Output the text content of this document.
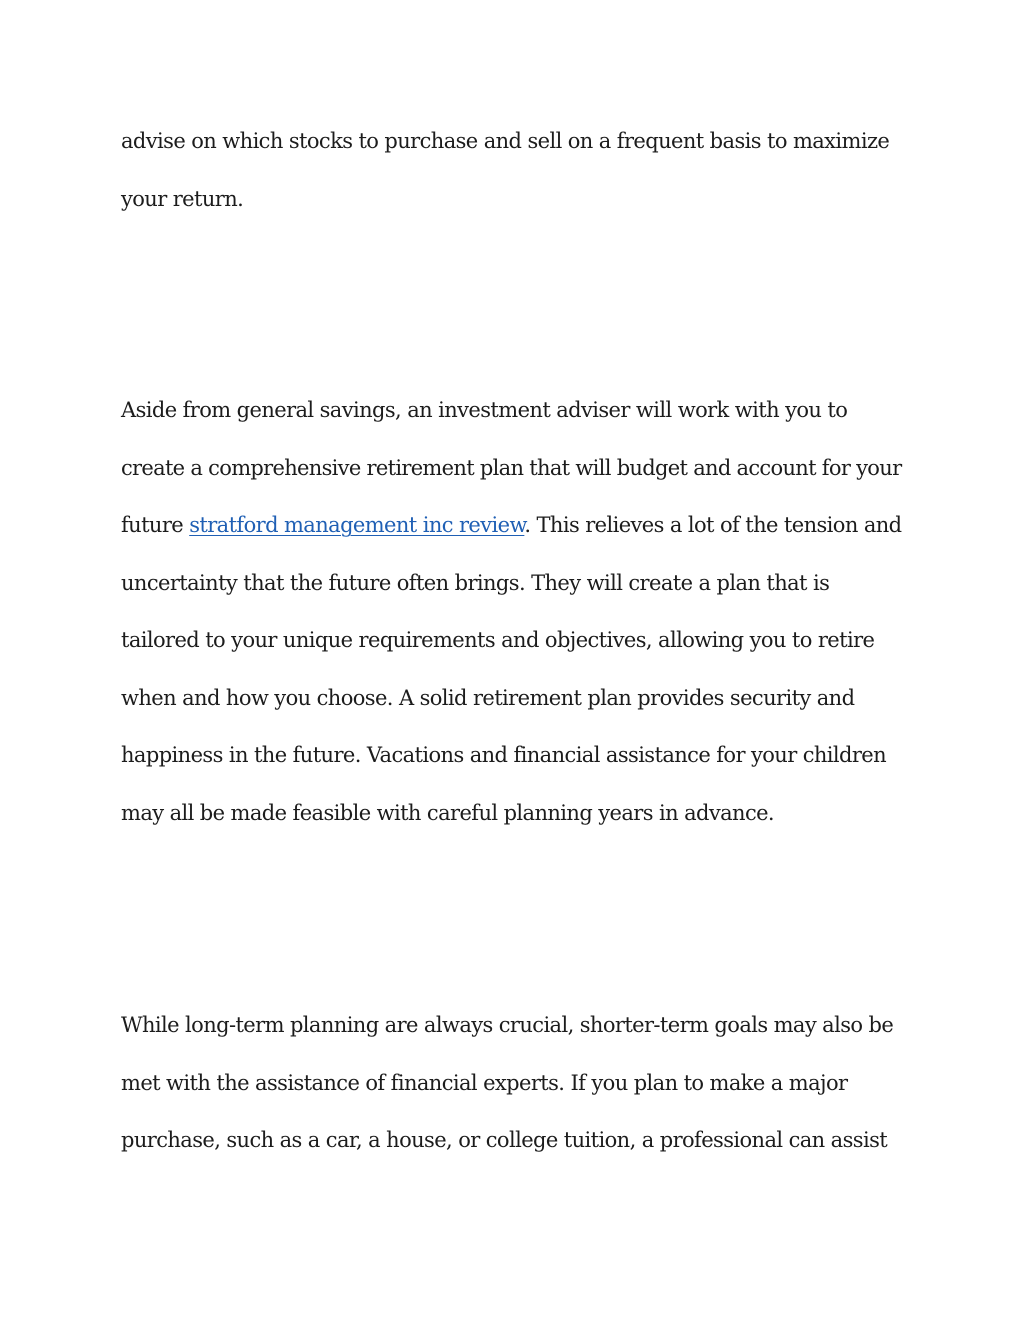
advise on which stocks to purchase and sell on a frequent basis to maximize
your return.
Aside from general savings, an investment adviser will work with you to
create a comprehensive retirement plan that will budget and account for your
future stratford management inc review. This relieves a lot of the tension and
uncertainty that the future often brings. They will create a plan that is
tailored to your unique requirements and objectives, allowing you to retire
when and how you choose. A solid retirement plan provides security and
happiness in the future. Vacations and financial assistance for your children
may all be made feasible with careful planning years in advance.
While long-term planning are always crucial, shorter-term goals may also be
met with the assistance of financial experts. If you plan to make a major
purchase, such as a car, a house, or college tuition, a professional can assist
